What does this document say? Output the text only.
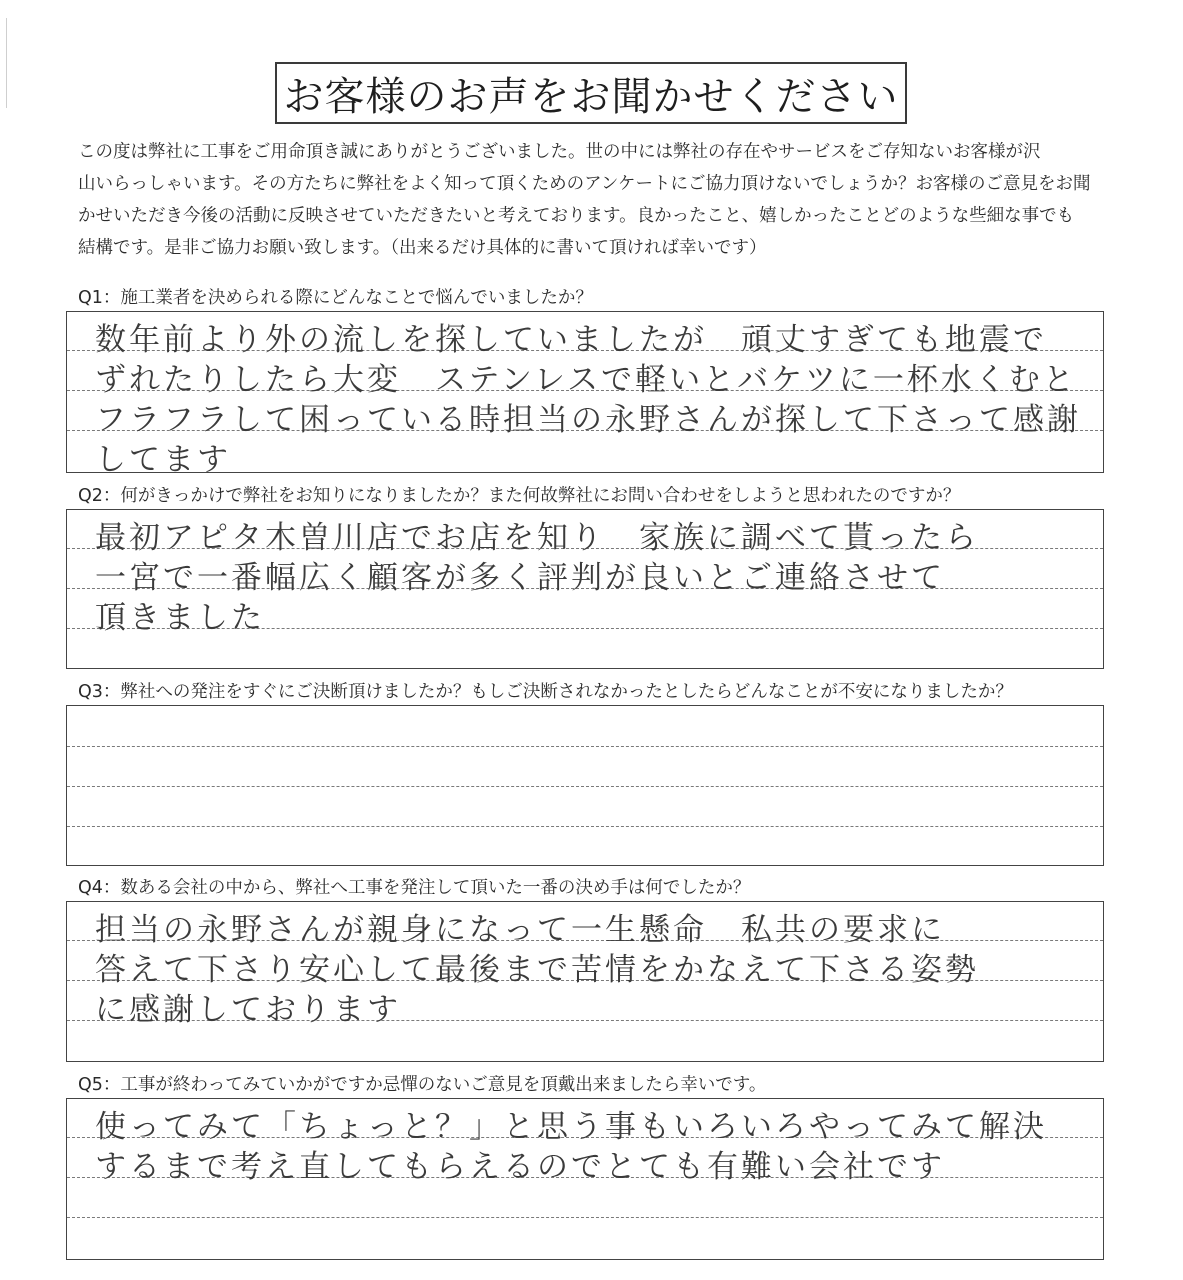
お客様のお声をお聞かせください

この度は弊社に工事をご用命頂き誠にありがとうございました。世の中には弊社の存在やサービスをご存知ないお客様が沢

山いらっしゃいます。その方たちに弊社をよく知って頂くためのアンケートにご協力頂けないでしょうか？お客様のご意見をお聞

かせいただき今後の活動に反映させていただきたいと考えております。良かったこと、嬉しかったことどのような些細な事でも

結構です。是非ご協力お願い致します。（出来るだけ具体的に書いて頂ければ幸いです）

Q1：施工業者を決められる際にどんなことで悩んでいましたか？
数年前より外の流しを探していましたが　頑丈すぎても地震で
ずれたりしたら大変　ステンレスで軽いとバケツに一杯水くむと
フラフラして困っている時担当の永野さんが探して下さって感謝
してます
Q2：何がきっかけで弊社をお知りになりましたか？また何故弊社にお問い合わせをしようと思われたのですか？
最初アピタ木曽川店でお店を知り　家族に調べて貰ったら
一宮で一番幅広く顧客が多く評判が良いとご連絡させて
頂きました
Q3：弊社への発注をすぐにご決断頂けましたか？もしご決断されなかったとしたらどんなことが不安になりましたか？
Q4：数ある会社の中から、弊社へ工事を発注して頂いた一番の決め手は何でしたか？
担当の永野さんが親身になって一生懸命　私共の要求に
答えて下さり安心して最後まで苦情をかなえて下さる姿勢
に感謝しております
Q5：工事が終わってみていかがですか忌憚のないご意見を頂戴出来ましたら幸いです。
使ってみて「ちょっと？」と思う事もいろいろやってみて解決
するまで考え直してもらえるのでとても有難い会社です
